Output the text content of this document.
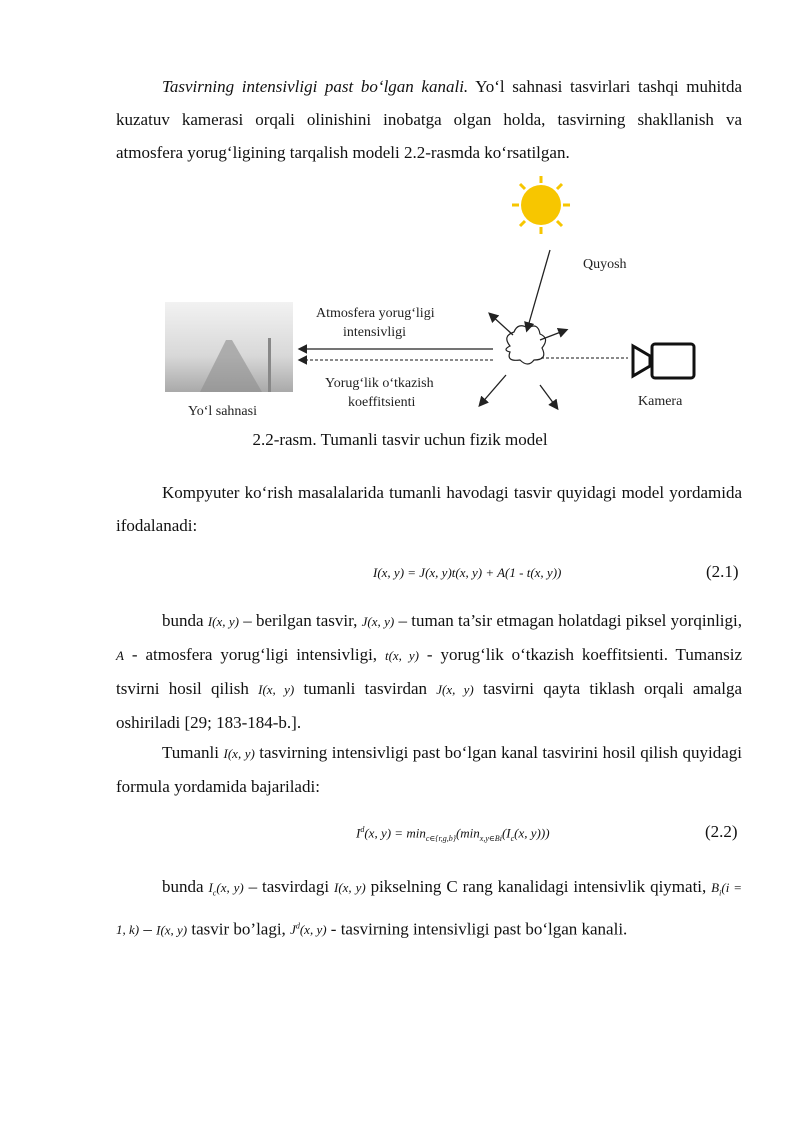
Tasvirning intensivligi past bo‘lgan kanali. Yo‘l sahnasi tasvirlari tashqi muhitda kuzatuv kamerasi orqali olinishini inobatga olgan holda, tasvirning shakllanish va atmosfera yorug‘ligining tarqalish modeli 2.2-rasmda ko‘rsatilgan.
Quyosh
Yo‘l sahnasi
Atmosfera yorug‘ligi
intensivligi
Yorug‘lik o‘tkazish
koeffitsienti	Kamera
2.2-rasm. Tumanli tasvir uchun fizik model
Kompyuter ko‘rish masalalarida tumanli havodagi tasvir quyidagi model yordamida ifodalanadi:
I(x, y) = J(x, y)t(x, y) + A(1 - t(x, y))	(2.1)
bunda I(x, y) – berilgan tasvir, J(x, y) – tuman ta’sir etmagan holatdagi piksel yorqinligi, A - atmosfera yorug‘ligi intensivligi, t(x, y) - yorug‘lik o‘tkazish koeffitsienti. Tumansiz tsvirni hosil qilish I(x, y) tumanli tasvirdan J(x, y) tasvirni qayta tiklash orqali amalga oshiriladi [29; 183-184-b.].
Tumanli I(x, y) tasvirning intensivligi past bo‘lgan kanal tasvirini hosil qilish quyidagi formula yordamida bajariladi:
$I^d(x$, $y) = \min_{c\in\{r,g,b\}}(\min_{x,y\in Bi}(I_c(x$, y)))	(2.2)
bunda $I_c(x$, y) – tasvirdagi I(x, y) pikselning C rang kanalidagi intensivlik qiymati, $B_i(i = 1$, k) – I(x, y) tasvir bo’lagi, $J^d(x$, y) - tasvirning intensivligi past bo‘lgan kanali.
